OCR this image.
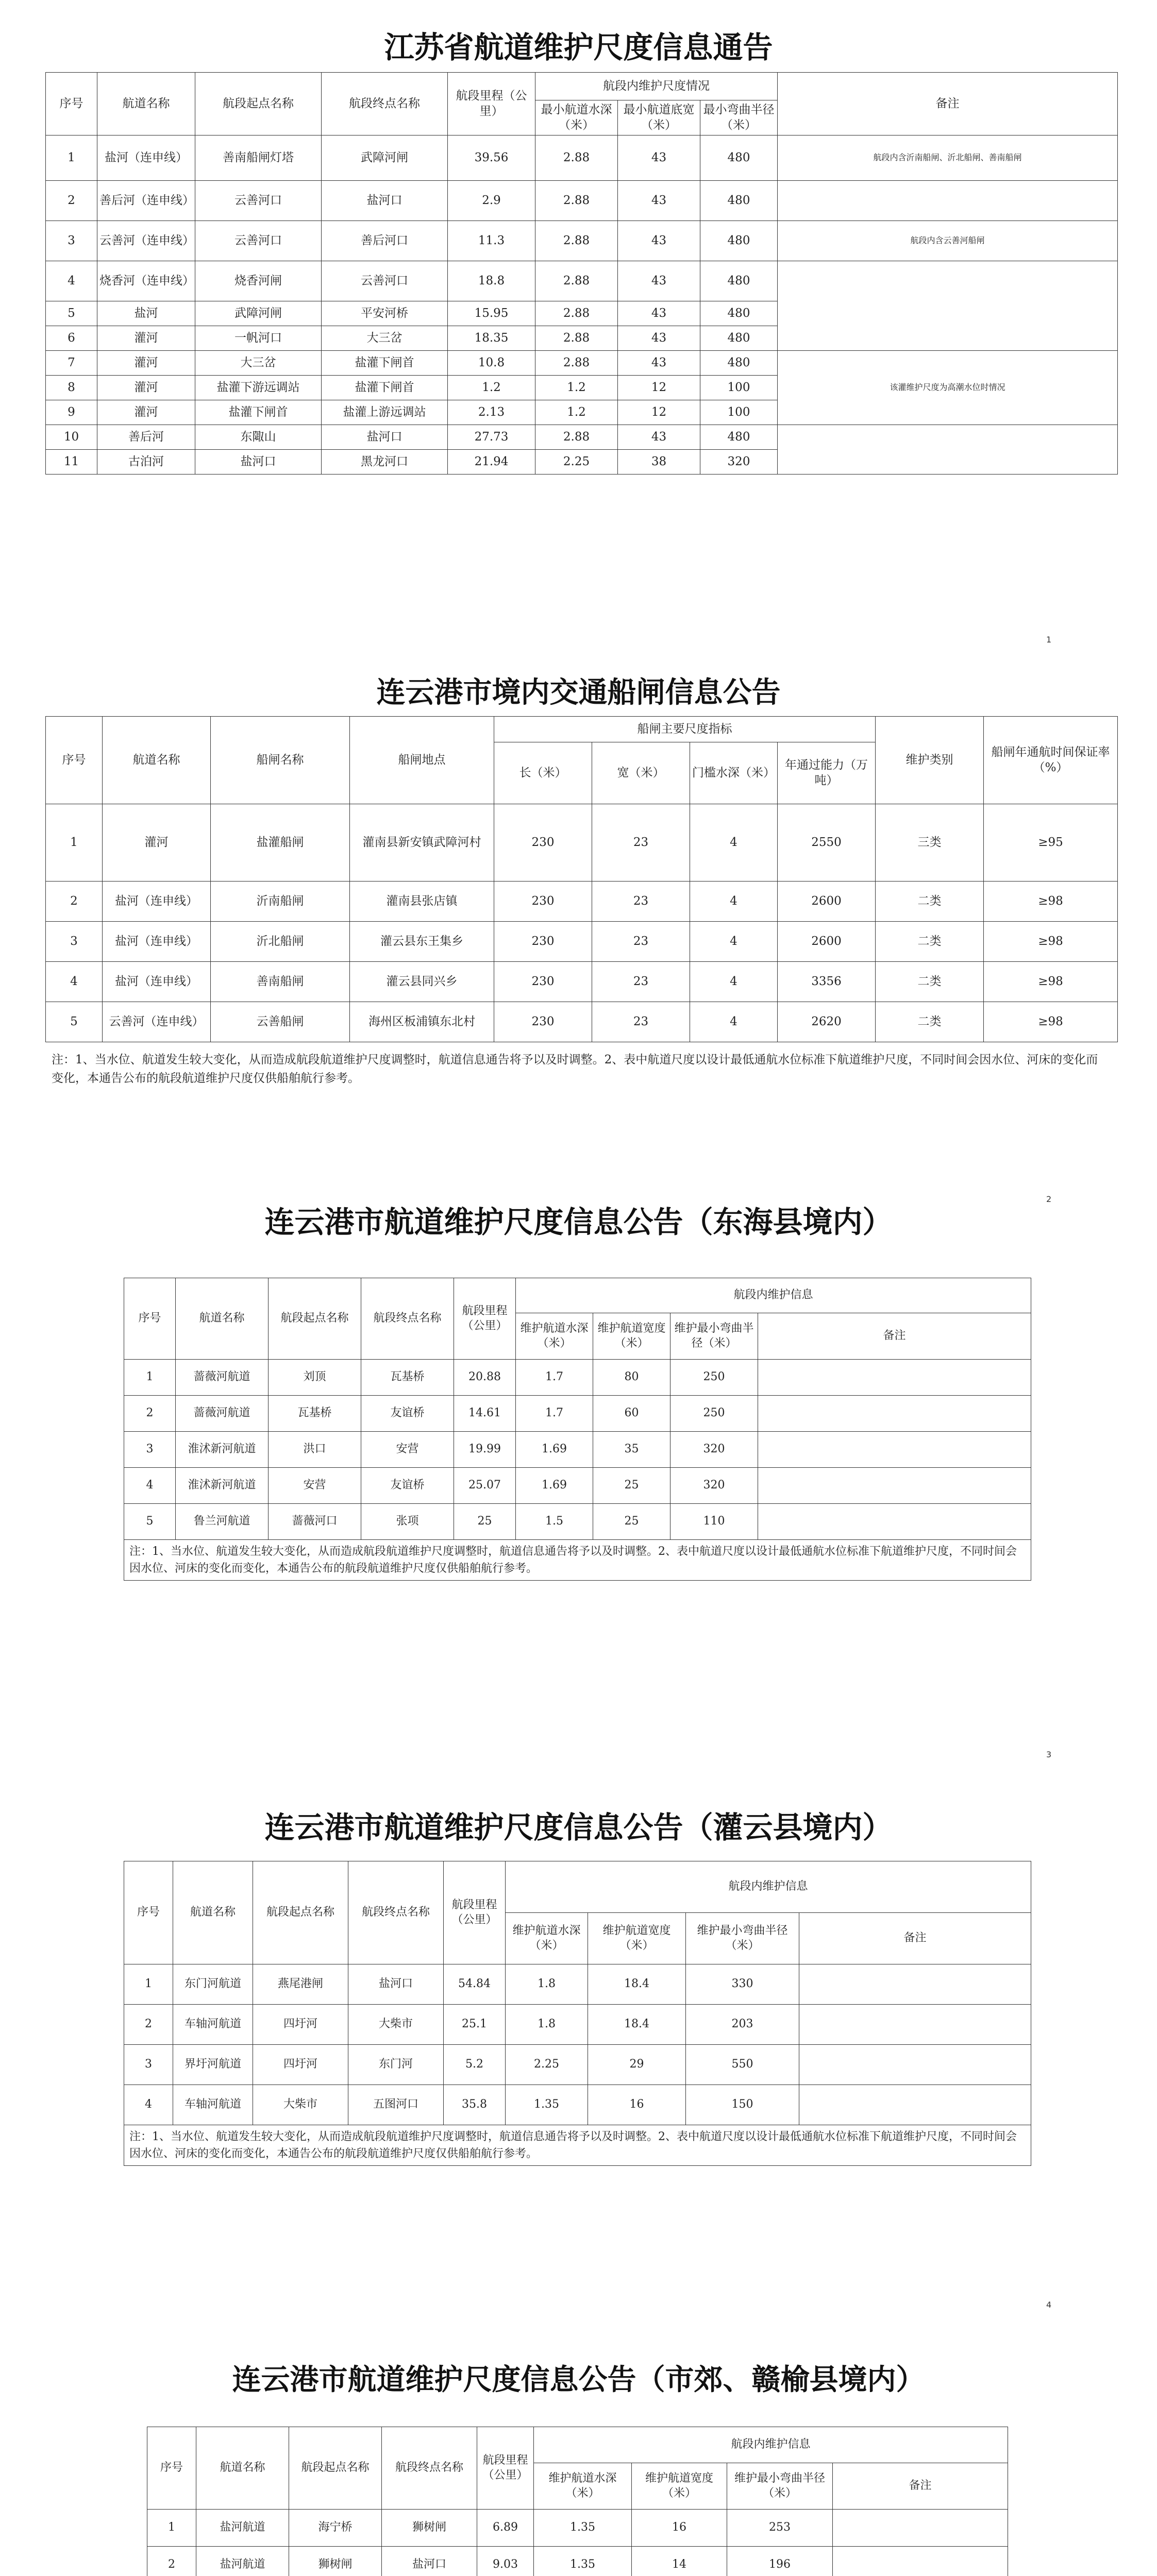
江苏省航道维护尺度信息通告
序号	航道名称	航段起点名称	航段终点名称	航段里程（公里）	航段内维护尺度情况			备注
					最小航道水深（米）	最小航道底宽（米）	最小弯曲半径（米）	
1	盐河（连申线）	善南船闸灯塔	武障河闸	39.56	2.88	43	480	航段内含沂南船闸、沂北船闸、善南船闸
2	善后河（连申线）	云善河口	盐河口	2.9	2.88	43	480	
3	云善河（连申线）	云善河口	善后河口	11.3	2.88	43	480	航段内含云善河船闸
4	烧香河（连申线）	烧香河闸	云善河口	18.8	2.88	43	480	
5	盐河	武障河闸	平安河桥	15.95	2.88	43	480	
6	灌河	一帆河口	大三岔	18.35	2.88	43	480	
7	灌河	大三岔	盐灌下闸首	10.8	2.88	43	480	该灌维护尺度为高潮水位时情况
8	灌河	盐灌下游远调站	盐灌下闸首	1.2	1.2	12	100	
9	灌河	盐灌下闸首	盐灌上游远调站	2.13	1.2	12	100	
10	善后河	东陬山	盐河口	27.73	2.88	43	480	
11	古泊河	盐河口	黑龙河口	21.94	2.25	38	320	
1
连云港市境内交通船闸信息公告
序号	航道名称	船闸名称	船闸地点	船闸主要尺度指标				维护类别	船闸年通航时间保证率（%）
				长（米）	宽（米）	门槛水深（米）	年通过能力（万吨）		
1	灌河	盐灌船闸	灌南县新安镇武障河村	230	23	4	2550	三类	≥95
2	盐河（连申线）	沂南船闸	灌南县张店镇	230	23	4	2600	二类	≥98
3	盐河（连申线）	沂北船闸	灌云县东王集乡	230	23	4	2600	二类	≥98
4	盐河（连申线）	善南船闸	灌云县同兴乡	230	23	4	3356	二类	≥98
5	云善河（连申线）	云善船闸	海州区板浦镇东北村	230	23	4	2620	二类	≥98
注：1、当水位、航道发生较大变化，从而造成航段航道维护尺度调整时，航道信息通告将予以及时调整。2、表中航道尺度以设计最低通航水位标准下航道维护尺度，不同时间会因水位、河床的变化而变化，本通告公布的航段航道维护尺度仅供船舶航行参考。
2
连云港市航道维护尺度信息公告（东海县境内）
序号	航道名称	航段起点名称	航段终点名称	航段里程（公里）	航段内维护信息			
					维护航道水深（米）	维护航道宽度（米）	维护最小弯曲半径（米）	备注
1	蔷薇河航道	刘顶	瓦基桥	20.88	1.7	80	250	
2	蔷薇河航道	瓦基桥	友谊桥	14.61	1.7	60	250	
3	淮沭新河航道	洪口	安营	19.99	1.69	35	320	
4	淮沭新河航道	安营	友谊桥	25.07	1.69	25	320	
5	鲁兰河航道	蔷薇河口	张项	25	1.5	25	110	
注：1、当水位、航道发生较大变化，从而造成航段航道维护尺度调整时，航道信息通告将予以及时调整。2、表中航道尺度以设计最低通航水位标准下航道维护尺度，不同时间会因水位、河床的变化而变化，本通告公布的航段航道维护尺度仅供船舶航行参考。								
3
连云港市航道维护尺度信息公告（灌云县境内）
序号	航道名称	航段起点名称	航段终点名称	航段里程（公里）	航段内维护信息			
					维护航道水深（米）	维护航道宽度（米）	维护最小弯曲半径（米）	备注
1	东门河航道	燕尾港闸	盐河口	54.84	1.8	18.4	330	
2	车轴河航道	四圩河	大柴市	25.1	1.8	18.4	203	
3	界圩河航道	四圩河	东门河	5.2	2.25	29	550	
4	车轴河航道	大柴市	五图河口	35.8	1.35	16	150	
注：1、当水位、航道发生较大变化，从而造成航段航道维护尺度调整时，航道信息通告将予以及时调整。2、表中航道尺度以设计最低通航水位标准下航道维护尺度，不同时间会因水位、河床的变化而变化，本通告公布的航段航道维护尺度仅供船舶航行参考。								
4
连云港市航道维护尺度信息公告（市郊、赣榆县境内）
序号	航道名称	航段起点名称	航段终点名称	航段里程（公里）	航段内维护信息			
					维护航道水深（米）	维护航道宽度（米）	维护最小弯曲半径（米）	备注
1	盐河航道	海宁桥	狮树闸	6.89	1.35	16	253	
2	盐河航道	狮树闸	盐河口	9.03	1.35	14	196	
